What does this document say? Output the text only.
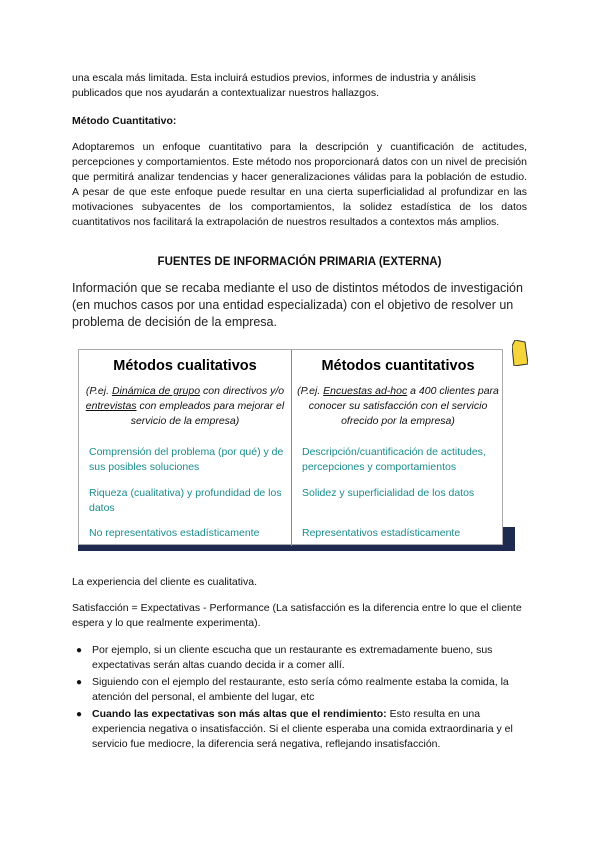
una escala más limitada. Esta incluirá estudios previos, informes de industria y análisis publicados que nos ayudarán a contextualizar nuestros hallazgos.
Método Cuantitativo:
Adoptaremos un enfoque cuantitativo para la descripción y cuantificación de actitudes, percepciones y comportamientos. Este método nos proporcionará datos con un nivel de precisión que permitirá analizar tendencias y hacer generalizaciones válidas para la población de estudio. A pesar de que este enfoque puede resultar en una cierta superficialidad al profundizar en las motivaciones subyacentes de los comportamientos, la solidez estadística de los datos cuantitativos nos facilitará la extrapolación de nuestros resultados a contextos más amplios.
FUENTES DE INFORMACIÓN PRIMARIA (EXTERNA)
Información que se recaba mediante el uso de distintos métodos de investigación (en muchos casos por una entidad especializada) con el objetivo de resolver un problema de decisión de la empresa.
Métodos cualitativos
(P.ej. Dinámica de grupo con directivos y/o entrevistas con empleados para mejorar el servicio de la empresa)
Comprensión del problema (por qué) y de sus posibles soluciones
Riqueza (cualitativa) y profundidad de los datos
No representativos estadísticamente
Métodos cuantitativos
(P.ej. Encuestas ad-hoc a 400 clientes para conocer su satisfacción con el servicio ofrecido por la empresa)
Descripción/cuantificación de actitudes, percepciones y comportamientos
Solidez y superficialidad de los datos
Representativos estadísticamente
La experiencia del cliente es cualitativa.
Satisfacción = Expectativas - Performance (La satisfacción es la diferencia entre lo que el cliente espera y lo que realmente experimenta).
● Por ejemplo, si un cliente escucha que un restaurante es extremadamente bueno, sus expectativas serán altas cuando decida ir a comer allí.
● Siguiendo con el ejemplo del restaurante, esto sería cómo realmente estaba la comida, la atención del personal, el ambiente del lugar, etc
● Cuando las expectativas son más altas que el rendimiento: Esto resulta en una experiencia negativa o insatisfacción. Si el cliente esperaba una comida extraordinaria y el servicio fue mediocre, la diferencia será negativa, reflejando insatisfacción.
